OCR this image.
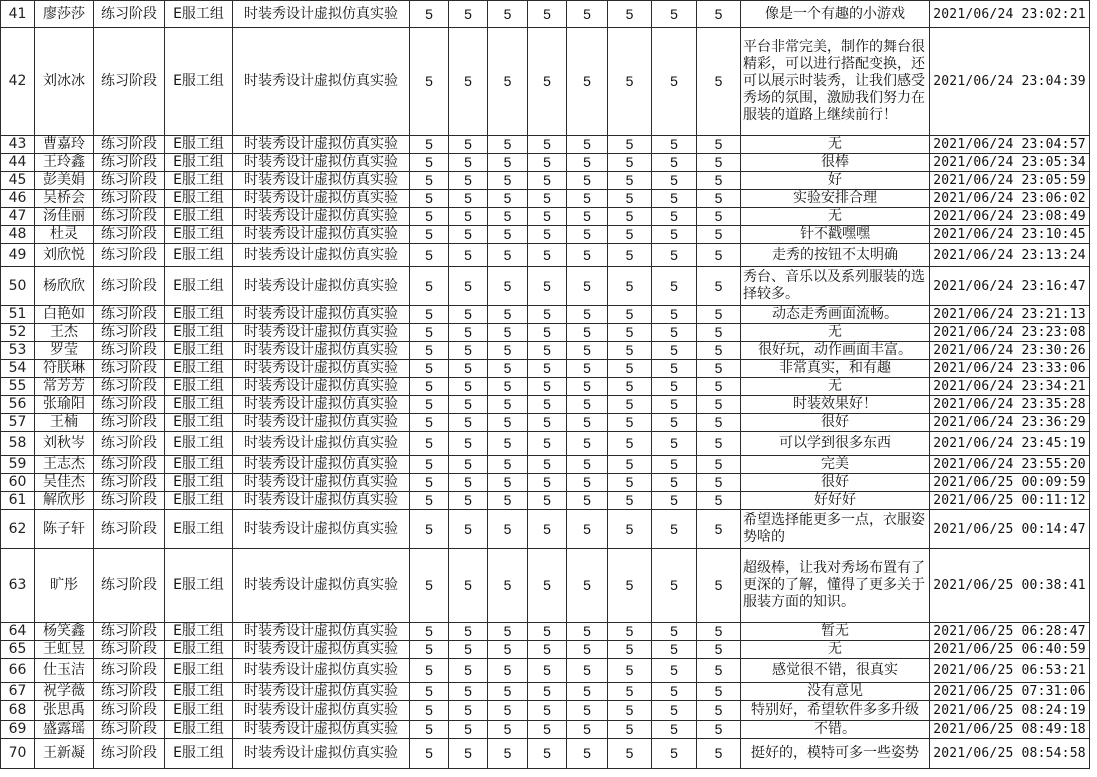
41	廖莎莎	练习阶段	E服工组	时装秀设计虚拟仿真实验	5	5	5	5	5	5	5	5	像是一个有趣的小游戏	2021/06/24 23:02:21
42	刘冰冰	练习阶段	E服工组	时装秀设计虚拟仿真实验	5	5	5	5	5	5	5	5	平台非常完美，制作的舞台很精彩，可以进行搭配变换，还可以展示时装秀，让我们感受秀场的氛围，激励我们努力在服装的道路上继续前行！	2021/06/24 23:04:39
43	曹嘉玲	练习阶段	E服工组	时装秀设计虚拟仿真实验	5	5	5	5	5	5	5	5	无	2021/06/24 23:04:57
44	王玲鑫	练习阶段	E服工组	时装秀设计虚拟仿真实验	5	5	5	5	5	5	5	5	很棒	2021/06/24 23:05:34
45	彭美娟	练习阶段	E服工组	时装秀设计虚拟仿真实验	5	5	5	5	5	5	5	5	好	2021/06/24 23:05:59
46	吴桥会	练习阶段	E服工组	时装秀设计虚拟仿真实验	5	5	5	5	5	5	5	5	实验安排合理	2021/06/24 23:06:02
47	汤佳丽	练习阶段	E服工组	时装秀设计虚拟仿真实验	5	5	5	5	5	5	5	5	无	2021/06/24 23:08:49
48	杜灵	练习阶段	E服工组	时装秀设计虚拟仿真实验	5	5	5	5	5	5	5	5	针不戳嘿嘿	2021/06/24 23:10:45
49	刘欣悦	练习阶段	E服工组	时装秀设计虚拟仿真实验	5	5	5	5	5	5	5	5	走秀的按钮不太明确	2021/06/24 23:13:24
50	杨欣欣	练习阶段	E服工组	时装秀设计虚拟仿真实验	5	5	5	5	5	5	5	5	秀台、音乐以及系列服装的选择较多。	2021/06/24 23:16:47
51	白艳如	练习阶段	E服工组	时装秀设计虚拟仿真实验	5	5	5	5	5	5	5	5	动态走秀画面流畅。	2021/06/24 23:21:13
52	王杰	练习阶段	E服工组	时装秀设计虚拟仿真实验	5	5	5	5	5	5	5	5	无	2021/06/24 23:23:08
53	罗莹	练习阶段	E服工组	时装秀设计虚拟仿真实验	5	5	5	5	5	5	5	5	很好玩，动作画面丰富。	2021/06/24 23:30:26
54	符朕琳	练习阶段	E服工组	时装秀设计虚拟仿真实验	5	5	5	5	5	5	5	5	非常真实，和有趣	2021/06/24 23:33:06
55	常芳芳	练习阶段	E服工组	时装秀设计虚拟仿真实验	5	5	5	5	5	5	5	5	无	2021/06/24 23:34:21
56	张瑜阳	练习阶段	E服工组	时装秀设计虚拟仿真实验	5	5	5	5	5	5	5	5	时装效果好！	2021/06/24 23:35:28
57	王楠	练习阶段	E服工组	时装秀设计虚拟仿真实验	5	5	5	5	5	5	5	5	很好	2021/06/24 23:36:29
58	刘秋岑	练习阶段	E服工组	时装秀设计虚拟仿真实验	5	5	5	5	5	5	5	5	可以学到很多东西	2021/06/24 23:45:19
59	王志杰	练习阶段	E服工组	时装秀设计虚拟仿真实验	5	5	5	5	5	5	5	5	完美	2021/06/24 23:55:20
60	吴佳杰	练习阶段	E服工组	时装秀设计虚拟仿真实验	5	5	5	5	5	5	5	5	很好	2021/06/25 00:09:59
61	解欣彤	练习阶段	E服工组	时装秀设计虚拟仿真实验	5	5	5	5	5	5	5	5	好好好	2021/06/25 00:11:12
62	陈子轩	练习阶段	E服工组	时装秀设计虚拟仿真实验	5	5	5	5	5	5	5	5	希望选择能更多一点，衣服姿势啥的	2021/06/25 00:14:47
63	旷彤	练习阶段	E服工组	时装秀设计虚拟仿真实验	5	5	5	5	5	5	5	5	超级棒，让我对秀场布置有了更深的了解，懂得了更多关于服装方面的知识。	2021/06/25 00:38:41
64	杨笑鑫	练习阶段	E服工组	时装秀设计虚拟仿真实验	5	5	5	5	5	5	5	5	暂无	2021/06/25 06:28:47
65	王虹昱	练习阶段	E服工组	时装秀设计虚拟仿真实验	5	5	5	5	5	5	5	5	无	2021/06/25 06:40:59
66	仕玉洁	练习阶段	E服工组	时装秀设计虚拟仿真实验	5	5	5	5	5	5	5	5	感觉很不错，很真实	2021/06/25 06:53:21
67	祝学薇	练习阶段	E服工组	时装秀设计虚拟仿真实验	5	5	5	5	5	5	5	5	没有意见	2021/06/25 07:31:06
68	张思禹	练习阶段	E服工组	时装秀设计虚拟仿真实验	5	5	5	5	5	5	5	5	特别好，希望软件多多升级	2021/06/25 08:24:19
69	盛露瑶	练习阶段	E服工组	时装秀设计虚拟仿真实验	5	5	5	5	5	5	5	5	不错。	2021/06/25 08:49:18
70	王新凝	练习阶段	E服工组	时装秀设计虚拟仿真实验	5	5	5	5	5	5	5	5	挺好的，模特可多一些姿势	2021/06/25 08:54:58
